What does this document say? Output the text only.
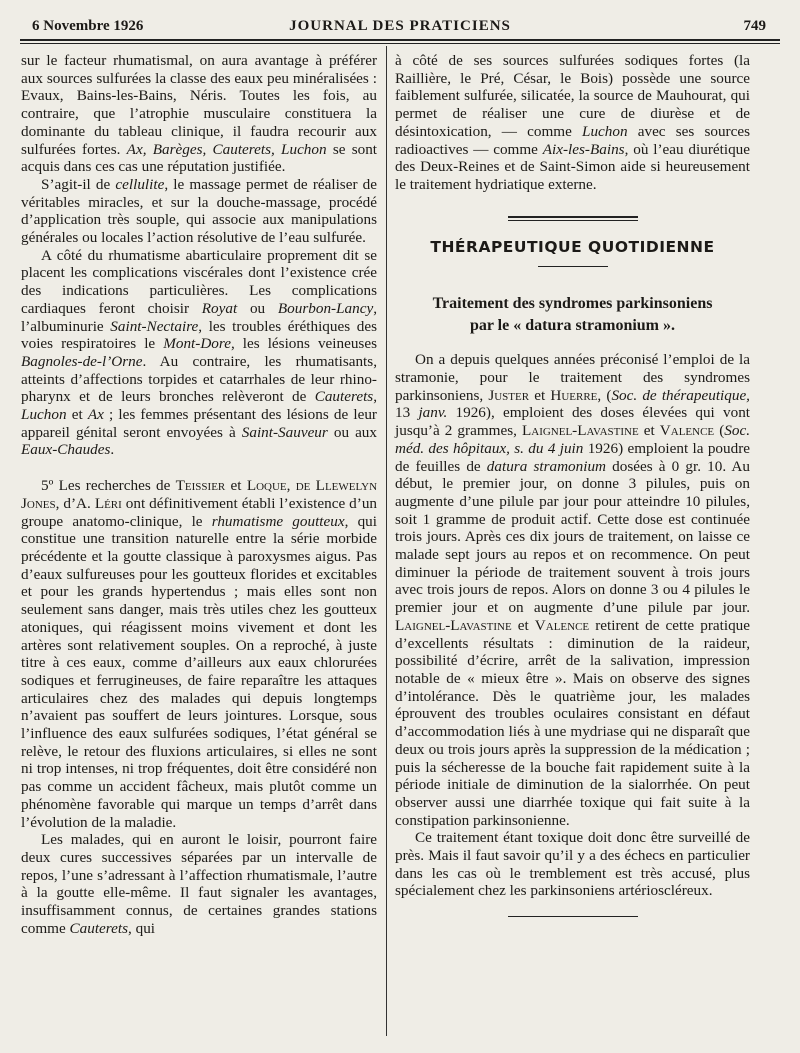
6 Novembre 1926	JOURNAL DES PRATICIENS	749

sur le facteur rhumatismal, on aura avantage à préférer aux sources sulfurées la classe des eaux peu minéralisées : Evaux, Bains-les-Bains, Néris. Toutes les fois, au contraire, que l’atrophie musculaire constituera la dominante du tableau clinique, il faudra recourir aux sulfurées fortes. Ax, Barèges, Cauterets, Luchon se sont acquis dans ces cas une réputation justifiée.

S’agit-il de cellulite, le massage permet de réaliser de véritables miracles, et sur la douche-massage, procédé d’application très souple, qui associe aux manipulations générales ou locales l’action résolutive de l’eau sulfurée.

A côté du rhumatisme abarticulaire proprement dit se placent les complications viscérales dont l’existence crée des indications particulières. Les complications cardiaques feront choisir Royat ou Bourbon-Lancy, l’albuminurie Saint-Nectaire, les troubles éréthiques des voies respiratoires le Mont-Dore, les lésions veineuses Bagnoles-de-l’Orne. Au contraire, les rhumatisants, atteints d’affections torpides et catarrhales de leur rhino-pharynx et de leurs bronches relèveront de Cauterets, Luchon et Ax ; les femmes présentant des lésions de leur appareil génital seront envoyées à Saint-Sauveur ou aux Eaux-Chaudes.

5º Les recherches de Teissier et Loque, de Llewelyn Jones, d’A. Léri ont définitivement établi l’existence d’un groupe anatomo-clinique, le rhumatisme goutteux, qui constitue une transition naturelle entre la série morbide précédente et la goutte classique à paroxysmes aigus. Pas d’eaux sulfureuses pour les goutteux florides et excitables et pour les grands hypertendus ; mais elles sont non seulement sans danger, mais très utiles chez les goutteux atoniques, qui réagissent moins vivement et dont les artères sont relativement souples. On a reproché, à juste titre à ces eaux, comme d’ailleurs aux eaux chlorurées sodiques et ferrugineuses, de faire reparaître les attaques articulaires chez des malades qui depuis longtemps n’avaient pas souffert de leurs jointures. Lorsque, sous l’influence des eaux sulfurées sodiques, l’état général se relève, le retour des fluxions articulaires, si elles ne sont ni trop intenses, ni trop fréquentes, doit être considéré non pas comme un accident fâcheux, mais plutôt comme un phénomène favorable qui marque un temps d’arrêt dans l’évolution de la maladie.

Les malades, qui en auront le loisir, pourront faire deux cures successives séparées par un intervalle de repos, l’une s’adressant à l’affection rhumatismale, l’autre à la goutte elle-même. Il faut signaler les avantages, insuffisamment connus, de certaines grandes stations comme Cauterets, qui

à côté de ses sources sulfurées sodiques fortes (la Raillière, le Pré, César, le Bois) possède une source faiblement sulfurée, silicatée, la source de Mauhourat, qui permet de réaliser une cure de diurèse et de désintoxication, — comme Luchon avec ses sources radioactives — comme Aix-les-Bains, où l’eau diurétique des Deux-Reines et de Saint-Simon aide si heureusement le traitement hydriatique externe.

THÉRAPEUTIQUE QUOTIDIENNE
Traitement des syndromes parkinsoniens
par le « datura stramonium ».

On a depuis quelques années préconisé l’emploi de la stramonie, pour le traitement des syndromes parkinsoniens, Juster et Huerre, (Soc. de thérapeutique, 13 janv. 1926), emploient des doses élevées qui vont jusqu’à 2 grammes, Laignel-Lavastine et Valence (Soc. méd. des hôpitaux, s. du 4 juin 1926) emploient la poudre de feuilles de datura stramonium dosées à 0 gr. 10. Au début, le premier jour, on donne 3 pilules, puis on augmente d’une pilule par jour pour atteindre 10 pilules, soit 1 gramme de produit actif. Cette dose est continuée trois jours. Après ces dix jours de traitement, on laisse ce malade sept jours au repos et on recommence. On peut diminuer la période de traitement souvent à trois jours avec trois jours de repos. Alors on donne 3 ou 4 pilules le premier jour et on augmente d’une pilule par jour. Laignel-Lavastine et Valence retirent de cette pratique d’excellents résultats : diminution de la raideur, possibilité d’écrire, arrêt de la salivation, impression notable de « mieux être ». Mais on observe des signes d’intolérance. Dès le quatrième jour, les malades éprouvent des troubles oculaires consistant en défaut d’accommodation liés à une mydriase qui ne disparaît que deux ou trois jours après la suppression de la médication ; puis la sécheresse de la bouche fait rapidement suite à la période initiale de diminution de la sialorrhée. On peut observer aussi une diarrhée toxique qui fait suite à la constipation parkinsonienne.

Ce traitement étant toxique doit donc être surveillé de près. Mais il faut savoir qu’il y a des échecs en particulier dans les cas où le tremblement est très accusé, plus spécialement chez les parkinsoniens artérioscléreux.
